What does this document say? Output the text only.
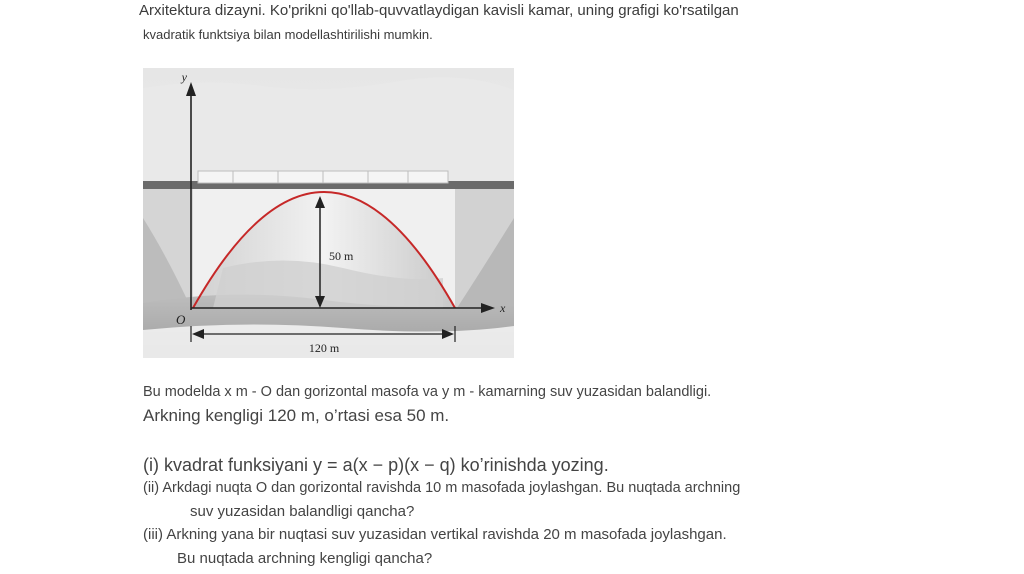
Arxitektura dizayni. Ko'prikni qo'llab-quvvatlaydigan kavisli kamar, uning grafigi ko'rsatilgan
kvadratik funktsiya bilan modellashtirilishi mumkin.
y
x
O
50 m
120 m
Bu modelda x m - O dan gorizontal masofa va y m - kamarning suv yuzasidan balandligi.
Arkning kengligi 120 m, o’rtasi esa 50 m.
(i) kvadrat funksiyani y = a(x − p)(x − q) ko’rinishda yozing.
(ii) Arkdagi nuqta O dan gorizontal ravishda 10 m masofada joylashgan. Bu nuqtada archning
suv yuzasidan balandligi qancha?
(iii) Arkning yana bir nuqtasi suv yuzasidan vertikal ravishda 20 m masofada joylashgan.
Bu nuqtada archning kengligi qancha?
